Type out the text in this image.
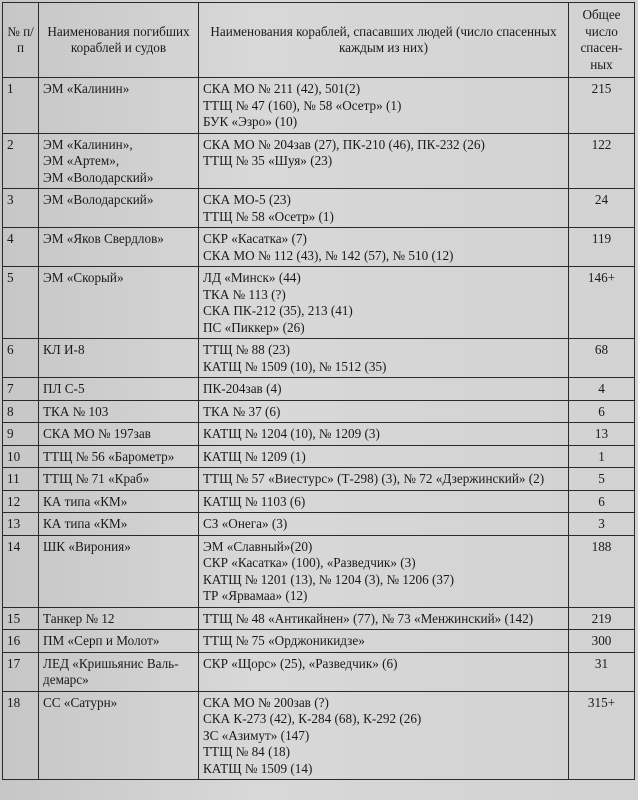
№ п/п	Наименования погибших кораблей и судов	Наименования кораблей, спасавших людей (число спасенных каждым из них)	Общее число спасен-ных
1	ЭМ «Калинин»	СКА МО № 211 (42), 501(2)
ТТЩ № 47 (160), № 58 «Осетр» (1)
БУК «Эзро» (10)	215
2	ЭМ «Калинин»,
ЭМ «Артем»,
ЭМ «Володарский»	СКА МО № 204зав (27), ПК-210 (46), ПК-232 (26)
ТТЩ № 35 «Шуя» (23)	122
3	ЭМ «Володарский»	СКА МО-5 (23)
ТТЩ № 58 «Осетр» (1)	24
4	ЭМ «Яков Свердлов»	СКР «Касатка» (7)
СКА МО № 112 (43), № 142 (57), № 510 (12)	119
5	ЭМ «Скорый»	ЛД «Минск» (44)
ТКА № 113 (?)
СКА ПК-212 (35), 213 (41)
ПС «Пиккер» (26)	146+
6	КЛ И-8	ТТЩ № 88 (23)
КАТЩ № 1509 (10), № 1512 (35)	68
7	ПЛ С-5	ПК-204зав (4)	4
8	ТКА № 103	ТКА № 37 (6)	6
9	СКА МО № 197зав	КАТЩ № 1204 (10), № 1209 (3)	13
10	ТТЩ № 56 «Барометр»	КАТЩ № 1209 (1)	1
11	ТТЩ № 71 «Краб»	ТТЩ № 57 «Виестурс» (Т-298) (3), № 72 «Дзержинский» (2)	5
12	КА типа «КМ»	КАТЩ № 1103 (6)	6
13	КА типа «КМ»	СЗ «Онега» (3)	3
14	ШК «Вирония»	ЭМ «Славный»(20)
СКР «Касатка» (100), «Разведчик» (3)
КАТЩ № 1201 (13), № 1204 (3), № 1206 (37)
ТР «Ярвамаа» (12)	188
15	Танкер № 12	ТТЩ № 48 «Антикайнен» (77), № 73 «Менжинский» (142)	219
16	ПМ «Серп и Молот»	ТТЩ № 75 «Орджоникидзе»	300
17	ЛЕД «Кришьянис Валь-
демарс»	СКР «Щорс» (25), «Разведчик» (6)	31
18	СС «Сатурн»	СКА МО № 200зав (?)
СКА К-273 (42), К-284 (68), К-292 (26)
ЗС «Азимут» (147)
ТТЩ № 84 (18)
КАТЩ № 1509 (14)	315+
